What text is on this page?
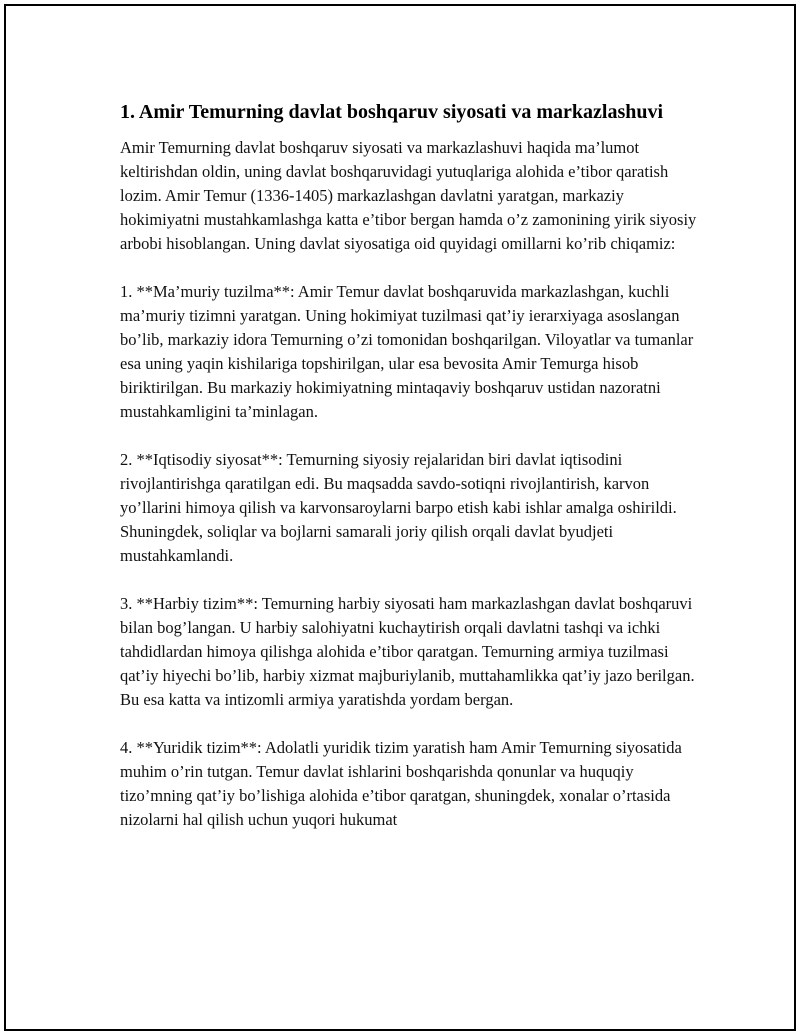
1. Amir Temurning davlat boshqaruv siyosati va markazlashuvi

Amir Temurning davlat boshqaruv siyosati va markazlashuvi haqida ma’lumot keltirishdan oldin, uning davlat boshqaruvidagi yutuqlariga alohida e’tibor qaratish lozim. Amir Temur (1336-1405) markazlashgan davlatni yaratgan, markaziy hokimiyatni mustahkamlashga katta e’tibor bergan hamda o’z zamonining yirik siyosiy arbobi hisoblangan. Uning davlat siyosatiga oid quyidagi omillarni ko’rib chiqamiz:

1. **Ma’muriy tuzilma**: Amir Temur davlat boshqaruvida markazlashgan, kuchli ma’muriy tizimni yaratgan. Uning hokimiyat tuzilmasi qat’iy ierarxiyaga asoslangan bo’lib, markaziy idora Temurning o’zi tomonidan boshqarilgan. Viloyatlar va tumanlar esa uning yaqin kishilariga topshirilgan, ular esa bevosita Amir Temurga hisob biriktirilgan. Bu markaziy hokimiyatning mintaqaviy boshqaruv ustidan nazoratni mustahkamligini ta’minlagan.

2. **Iqtisodiy siyosat**: Temurning siyosiy rejalaridan biri davlat iqtisodini rivojlantirishga qaratilgan edi. Bu maqsadda savdo-sotiqni rivojlantirish, karvon yo’llarini himoya qilish va karvonsaroylarni barpo etish kabi ishlar amalga oshirildi. Shuningdek, soliqlar va bojlarni samarali joriy qilish orqali davlat byudjeti mustahkamlandi.

3. **Harbiy tizim**: Temurning harbiy siyosati ham markazlashgan davlat boshqaruvi bilan bog’langan. U harbiy salohiyatni kuchaytirish orqali davlatni tashqi va ichki tahdidlardan himoya qilishga alohida e’tibor qaratgan. Temurning armiya tuzilmasi qat’iy hiyechi bo’lib, harbiy xizmat majburiylanib, muttahamlikka qat’iy jazo berilgan. Bu esa katta va intizomli armiya yaratishda yordam bergan.

4. **Yuridik tizim**: Adolatli yuridik tizim yaratish ham Amir Temurning siyosatida muhim o’rin tutgan. Temur davlat ishlarini boshqarishda qonunlar va huquqiy tizo’mning qat’iy bo’lishiga alohida e’tibor qaratgan, shuningdek, xonalar o’rtasida nizolarni hal qilish uchun yuqori hukumat
